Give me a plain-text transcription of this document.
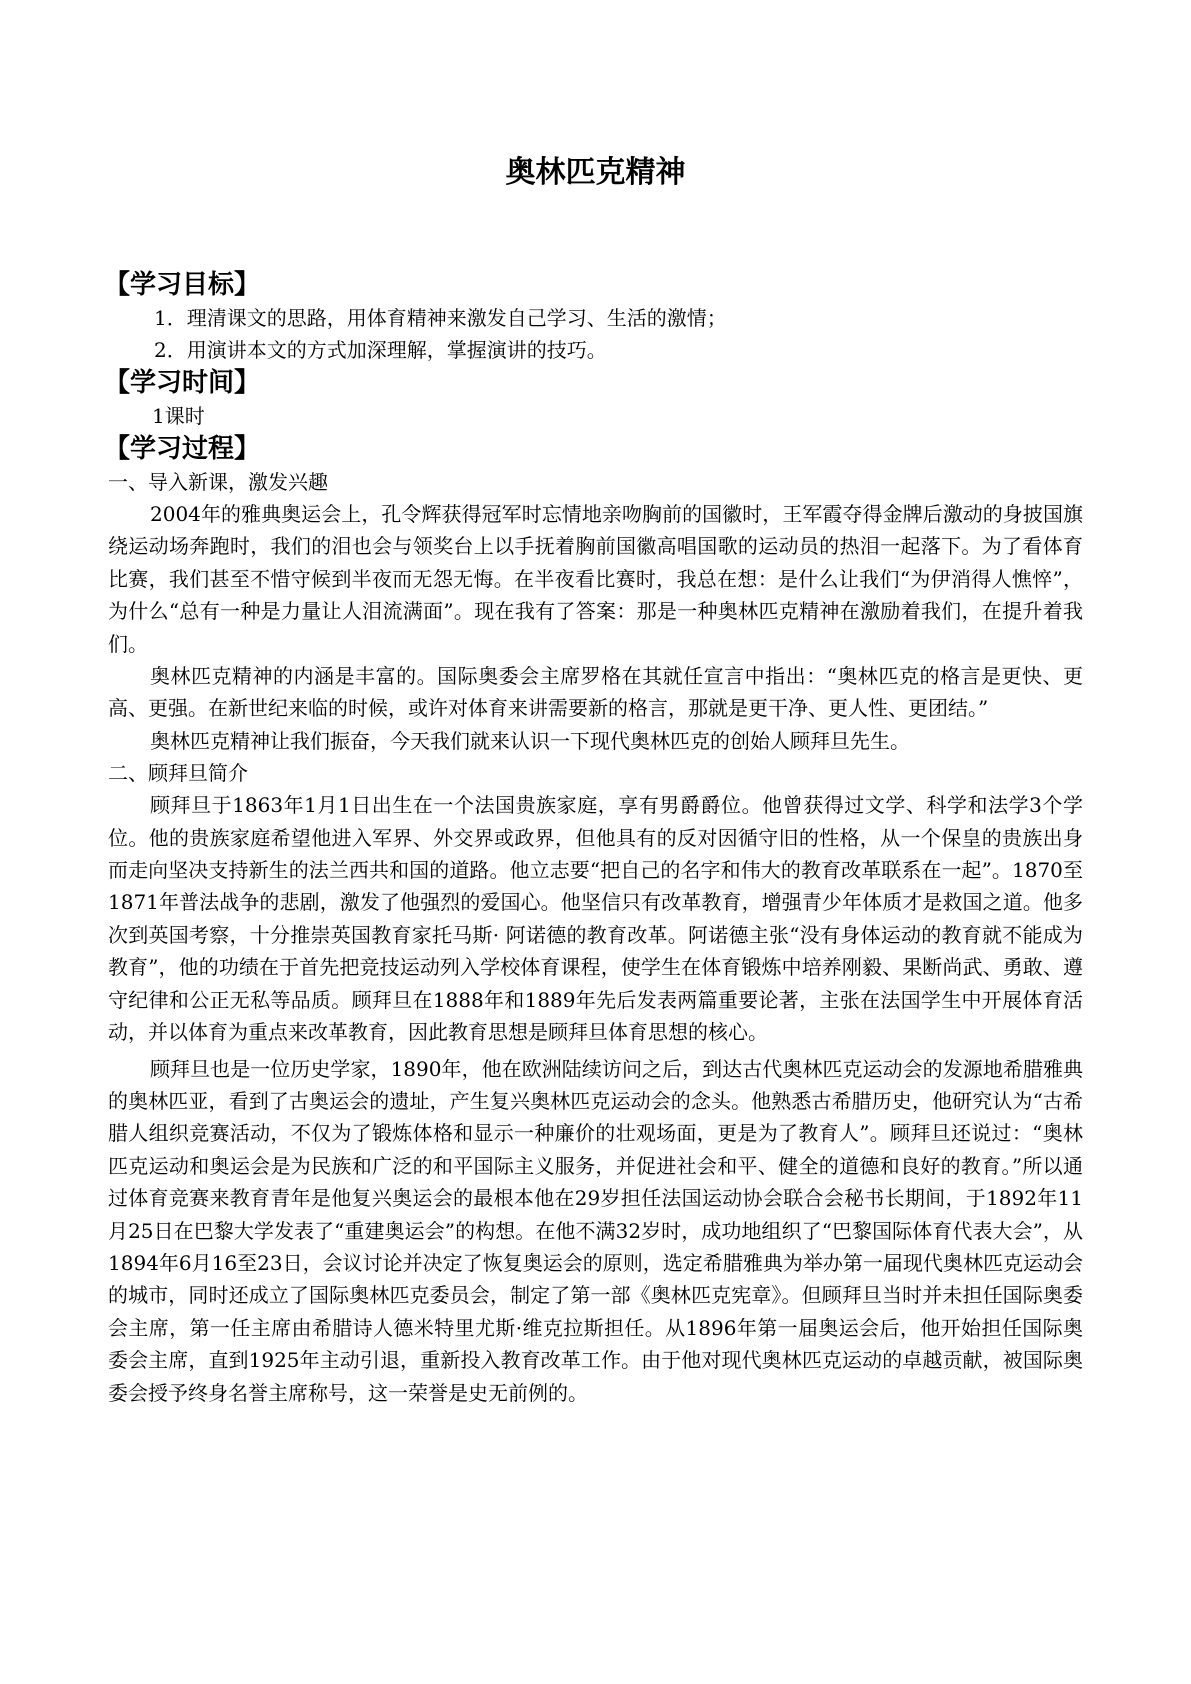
奥林匹克精神
【学习目标】
1．理清课文的思路，用体育精神来激发自己学习、生活的激情；
2．用演讲本文的方式加深理解，掌握演讲的技巧。
【学习时间】
1课时
【学习过程】
一、导入新课，激发兴趣

2004年的雅典奥运会上，孔令辉获得冠军时忘情地亲吻胸前的国徽时，王军霞夺得金牌后激动的身披国旗绕运动场奔跑时，我们的泪也会与领奖台上以手抚着胸前国徽高唱国歌的运动员的热泪一起落下。为了看体育比赛，我们甚至不惜守候到半夜而无怨无悔。在半夜看比赛时，我总在想：是什么让我们“为伊消得人憔悴”，为什么“总有一种是力量让人泪流满面”。现在我有了答案：那是一种奥林匹克精神在激励着我们，在提升着我们。

奥林匹克精神的内涵是丰富的。国际奥委会主席罗格在其就任宣言中指出：“奥林匹克的格言是更快、更高、更强。在新世纪来临的时候，或许对体育来讲需要新的格言，那就是更干净、更人性、更团结。”

奥林匹克精神让我们振奋，今天我们就来认识一下现代奥林匹克的创始人顾拜旦先生。

二、顾拜旦简介

顾拜旦于1863年1月1日出生在一个法国贵族家庭，享有男爵爵位。他曾获得过文学、科学和法学3个学位。他的贵族家庭希望他进入军界、外交界或政界，但他具有的反对因循守旧的性格，从一个保皇的贵族出身而走向坚决支持新生的法兰西共和国的道路。他立志要“把自己的名字和伟大的教育改革联系在一起”。1870至1871年普法战争的悲剧，激发了他强烈的爱国心。他坚信只有改革教育，增强青少年体质才是救国之道。他多次到英国考察，十分推崇英国教育家托马斯· 阿诺德的教育改革。阿诺德主张“没有身体运动的教育就不能成为教育”，他的功绩在于首先把竞技运动列入学校体育课程，使学生在体育锻炼中培养刚毅、果断尚武、勇敢、遵守纪律和公正无私等品质。顾拜旦在1888年和1889年先后发表两篇重要论著，主张在法国学生中开展体育活动，并以体育为重点来改革教育，因此教育思想是顾拜旦体育思想的核心。

顾拜旦也是一位历史学家，1890年，他在欧洲陆续访问之后，到达古代奥林匹克运动会的发源地希腊雅典的奥林匹亚，看到了古奥运会的遗址，产生复兴奥林匹克运动会的念头。他熟悉古希腊历史，他研究认为“古希腊人组织竞赛活动，不仅为了锻炼体格和显示一种廉价的壮观场面，更是为了教育人”。顾拜旦还说过：“奥林匹克运动和奥运会是为民族和广泛的和平国际主义服务，并促进社会和平、健全的道德和良好的教育。”所以通过体育竞赛来教育青年是他复兴奥运会的最根本他在29岁担任法国运动协会联合会秘书长期间，于1892年11月25日在巴黎大学发表了“重建奥运会”的构想。在他不满32岁时，成功地组织了“巴黎国际体育代表大会”，从1894年6月16至23日，会议讨论并决定了恢复奥运会的原则，选定希腊雅典为举办第一届现代奥林匹克运动会的城市，同时还成立了国际奥林匹克委员会，制定了第一部《奥林匹克宪章》。但顾拜旦当时并未担任国际奥委会主席，第一任主席由希腊诗人德米特里尤斯·维克拉斯担任。从1896年第一届奥运会后，他开始担任国际奥委会主席，直到1925年主动引退，重新投入教育改革工作。由于他对现代奥林匹克运动的卓越贡献，被国际奥委会授予终身名誉主席称号，这一荣誉是史无前例的。
